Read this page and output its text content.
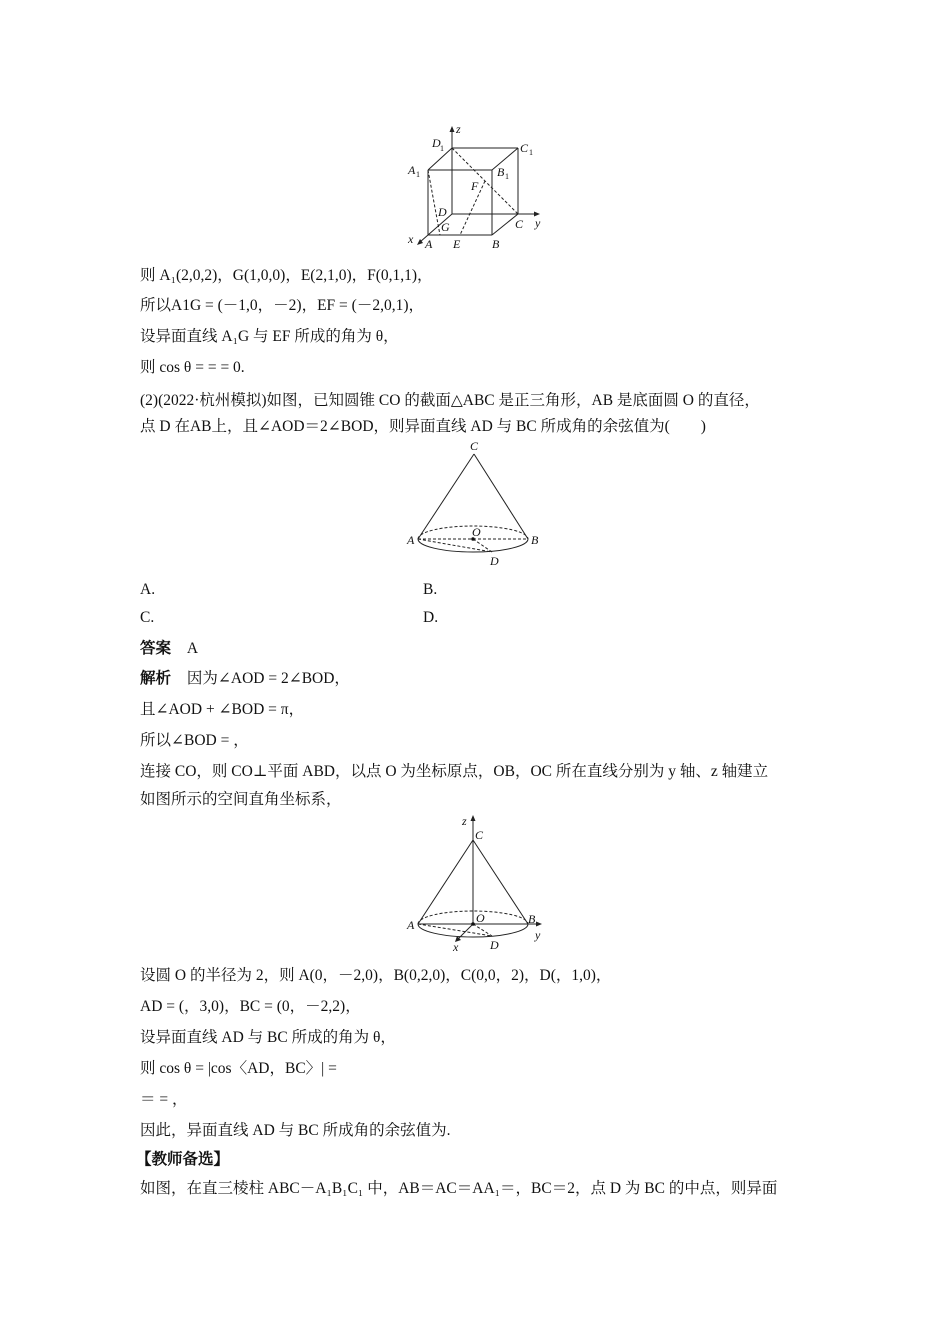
z
D 1	C 1
A 1	B 1
F
D
G	C y
x A E	B
则 A₁(2,0,2)，G(1,0,0)，E(2,1,0)，F(0,1,1)，
所以A1G = (－1,0，－2)，EF = (－2,0,1)，
设异面直线 A₁G 与 EF 所成的角为 θ，
则 cos θ = = = 0.
(2)(2022·杭州模拟)如图，已知圆锥 CO 的截面△ABC 是正三角形，AB 是底面圆 O 的直径，
点 D 在AB上，且∠AOD＝2∠BOD，则异面直线 AD 与 BC 所成角的余弦值为(　　)
C
O
A	B
D
A.	B.
C.	D.
答案 A
解析 因为∠AOD = 2∠BOD，
且∠AOD + ∠BOD = π，
所以∠BOD = ，
连接 CO，则 CO⊥平面 ABD，以点 O 为坐标原点，OB，OC 所在直线分别为 y 轴、z 轴建立
如图所示的空间直角坐标系，
z
C
O
A	B
y
D
x
设圆 O 的半径为 2，则 A(0，－2,0)，B(0,2,0)，C(0,0，2)，D(，1,0)，
AD = (，3,0)，BC = (0，－2,2)，
设异面直线 AD 与 BC 所成的角为 θ，
则 cos θ = |cos〈AD，BC〉| =
＝ = ，
因此，异面直线 AD 与 BC 所成角的余弦值为.
【教师备选】
如图，在直三棱柱 ABC－A₁B₁C₁ 中，AB＝AC＝AA₁＝，BC＝2，点 D 为 BC 的中点，则异面
